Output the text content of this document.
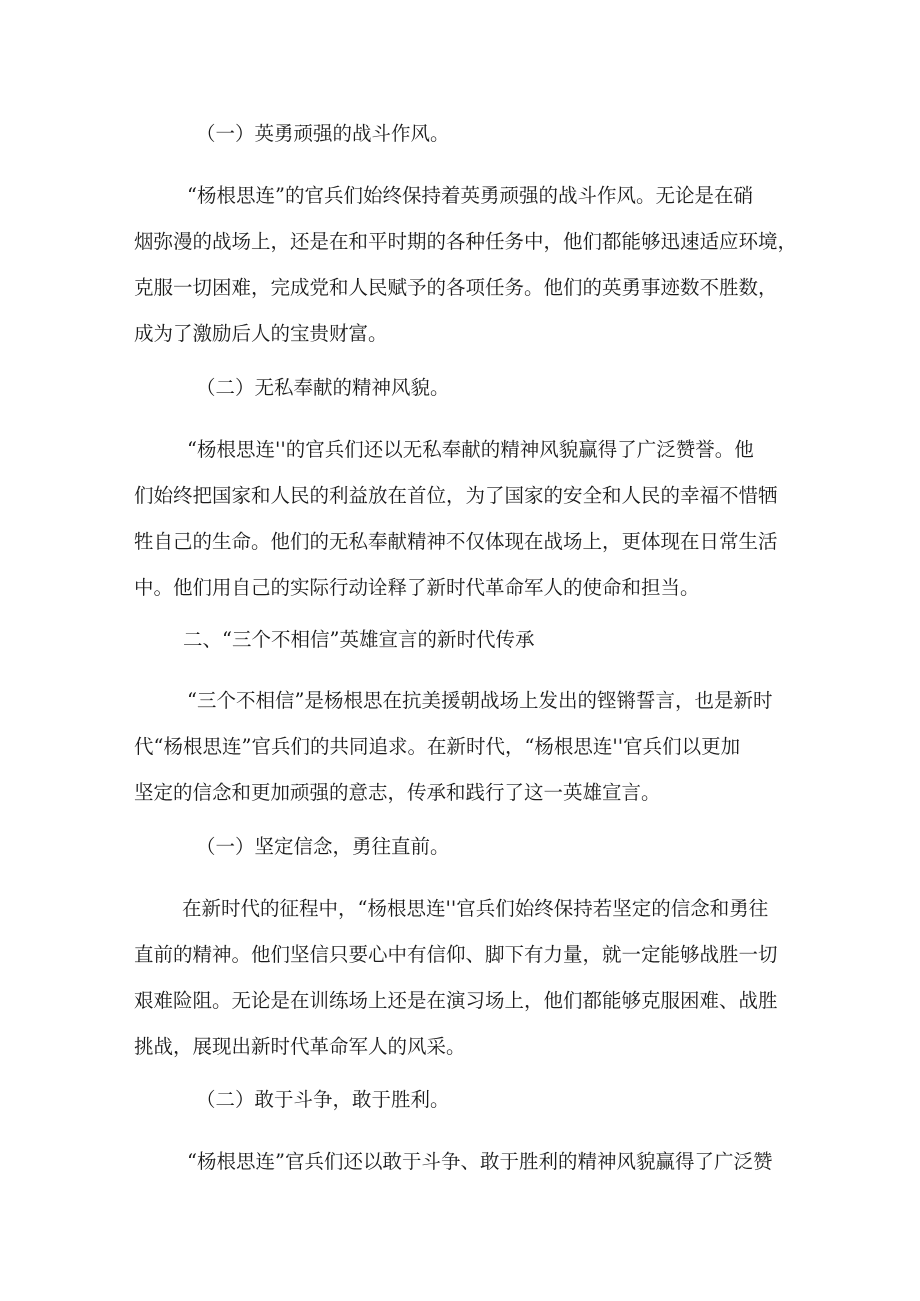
（一）英勇顽强的战斗作风。

“杨根思连”的官兵们始终保持着英勇顽强的战斗作风。无论是在硝

烟弥漫的战场上，还是在和平时期的各种任务中，他们都能够迅速适应环境，

克服一切困难，完成党和人民赋予的各项任务。他们的英勇事迹数不胜数，

成为了激励后人的宝贵财富。

（二）无私奉献的精神风貌。

“杨根思连''的官兵们还以无私奉献的精神风貌赢得了广泛赞誉。他

们始终把国家和人民的利益放在首位，为了国家的安全和人民的幸福不惜牺

牲自己的生命。他们的无私奉献精神不仅体现在战场上，更体现在日常生活

中。他们用自己的实际行动诠释了新时代革命军人的使命和担当。

二、“三个不相信”英雄宣言的新时代传承

“三个不相信”是杨根思在抗美援朝战场上发出的铿锵誓言，也是新时

代“杨根思连”官兵们的共同追求。在新时代，“杨根思连''官兵们以更加

坚定的信念和更加顽强的意志，传承和践行了这一英雄宣言。

（一）坚定信念，勇往直前。

在新时代的征程中，“杨根思连''官兵们始终保持若坚定的信念和勇往

直前的精神。他们坚信只要心中有信仰、脚下有力量，就一定能够战胜一切

艰难险阻。无论是在训练场上还是在演习场上，他们都能够克服困难、战胜

挑战，展现出新时代革命军人的风采。

（二）敢于斗争，敢于胜利。

“杨根思连”官兵们还以敢于斗争、敢于胜利的精神风貌赢得了广泛赞
